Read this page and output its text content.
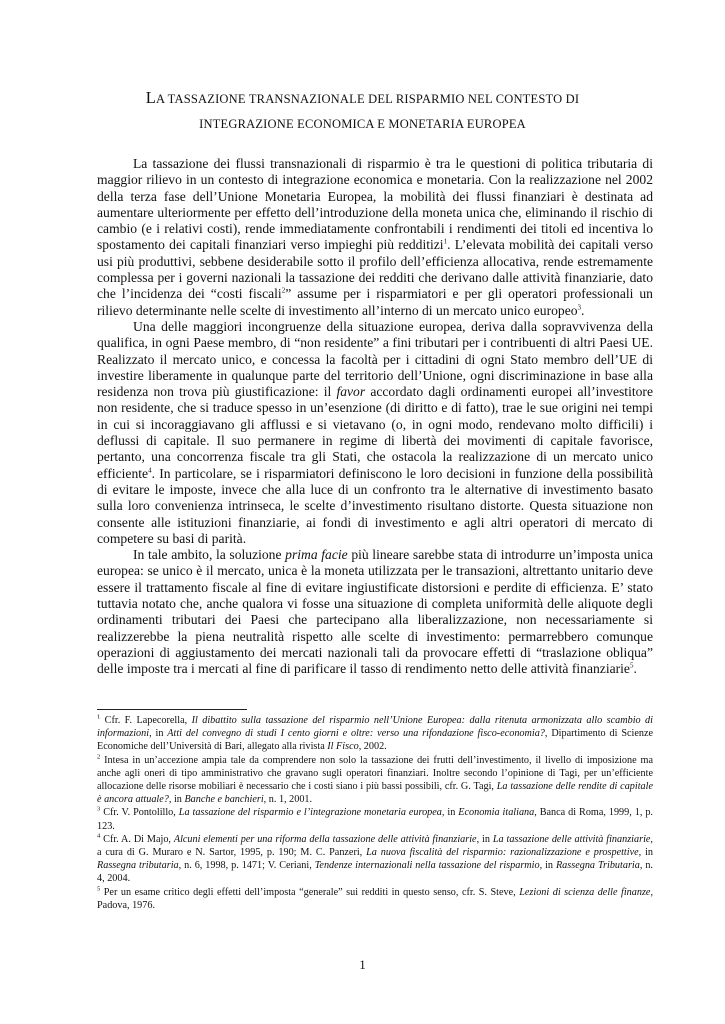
LA TASSAZIONE TRANSNAZIONALE DEL RISPARMIO NEL CONTESTO DI
INTEGRAZIONE ECONOMICA E MONETARIA EUROPEA

La tassazione dei flussi transnazionali di risparmio è tra le questioni di politica tributaria di maggior rilievo in un contesto di integrazione economica e monetaria. Con la realizzazione nel 2002 della terza fase dell’Unione Monetaria Europea, la mobilità dei flussi finanziari è destinata ad aumentare ulteriormente per effetto dell’introduzione della moneta unica che, eliminando il rischio di cambio (e i relativi costi), rende immediatamente confrontabili i rendimenti dei titoli ed incentiva lo spostamento dei capitali finanziari verso impieghi più redditizi$^1$. L’elevata mobilità dei capitali verso usi più produttivi, sebbene desiderabile sotto il profilo dell’efficienza allocativa, rende estremamente complessa per i governi nazionali la tassazione dei redditi che derivano dalle attività finanziarie, dato che l’incidenza dei “costi fiscali$^2$” assume per i risparmiatori e per gli operatori professionali un rilievo determinante nelle scelte di investimento all’interno di un mercato unico europeo$^3$.

Una delle maggiori incongruenze della situazione europea, deriva dalla sopravvivenza della qualifica, in ogni Paese membro, di “non residente” a fini tributari per i contribuenti di altri Paesi UE. Realizzato il mercato unico, e concessa la facoltà per i cittadini di ogni Stato membro dell’UE di investire liberamente in qualunque parte del territorio dell’Unione, ogni discriminazione in base alla residenza non trova più giustificazione: il favor accordato dagli ordinamenti europei all’investitore non residente, che si traduce spesso in un’esenzione (di diritto e di fatto), trae le sue origini nei tempi in cui si incoraggiavano gli afflussi e si vietavano (o, in ogni modo, rendevano molto difficili) i deflussi di capitale. Il suo permanere in regime di libertà dei movimenti di capitale favorisce, pertanto, una concorrenza fiscale tra gli Stati, che ostacola la realizzazione di un mercato unico efficiente$^4$. In particolare, se i risparmiatori definiscono le loro decisioni in funzione della possibilità di evitare le imposte, invece che alla luce di un confronto tra le alternative di investimento basato sulla loro convenienza intrinseca, le scelte d’investimento risultano distorte. Questa situazione non consente alle istituzioni finanziarie, ai fondi di investimento e agli altri operatori di mercato di competere su basi di parità.

In tale ambito, la soluzione prima facie più lineare sarebbe stata di introdurre un’imposta unica europea: se unico è il mercato, unica è la moneta utilizzata per le transazioni, altrettanto unitario deve essere il trattamento fiscale al fine di evitare ingiustificate distorsioni e perdite di efficienza. E’ stato tuttavia notato che, anche qualora vi fosse una situazione di completa uniformità delle aliquote degli ordinamenti tributari dei Paesi che partecipano alla liberalizzazione, non necessariamente si realizzerebbe la piena neutralità rispetto alle scelte di investimento: permarrebbero comunque operazioni di aggiustamento dei mercati nazionali tali da provocare effetti di “traslazione obliqua” delle imposte tra i mercati al fine di parificare il tasso di rendimento netto delle attività finanziarie$^5$.

$^1$ Cfr. F. Lapecorella, Il dibattito sulla tassazione del risparmio nell’Unione Europea: dalla ritenuta armonizzata allo scambio di informazioni, in Atti del convegno di studi I cento giorni e oltre: verso una rifondazione fisco-economia?, Dipartimento di Scienze Economiche dell’Università di Bari, allegato alla rivista Il Fisco, 2002.

$^2$ Intesa in un’accezione ampia tale da comprendere non solo la tassazione dei frutti dell’investimento, il livello di imposizione ma anche agli oneri di tipo amministrativo che gravano sugli operatori finanziari. Inoltre secondo l’opinione di Tagi, per un’efficiente allocazione delle risorse mobiliari è necessario che i costi siano i più bassi possibili, cfr. G. Tagi, La tassazione delle rendite di capitale è ancora attuale?, in Banche e banchieri, n. 1, 2001.

$^3$ Cfr. V. Pontolillo, La tassazione del risparmio e l’integrazione monetaria europea, in Economia italiana, Banca di Roma, 1999, 1, p. 123.

$^4$ Cfr. A. Di Majo, Alcuni elementi per una riforma della tassazione delle attività finanziarie, in La tassazione delle attività finanziarie, a cura di G. Muraro e N. Sartor, 1995, p. 190; M. C. Panzeri, La nuova fiscalità del risparmio: razionalizzazione e prospettive, in Rassegna tributaria, n. 6, 1998, p. 1471; V. Ceriani, Tendenze internazionali nella tassazione del risparmio, in Rassegna Tributaria, n. 4, 2004.

$^5$ Per un esame critico degli effetti dell’imposta “generale” sui redditi in questo senso, cfr. S. Steve, Lezioni di scienza delle finanze, Padova, 1976.

1
